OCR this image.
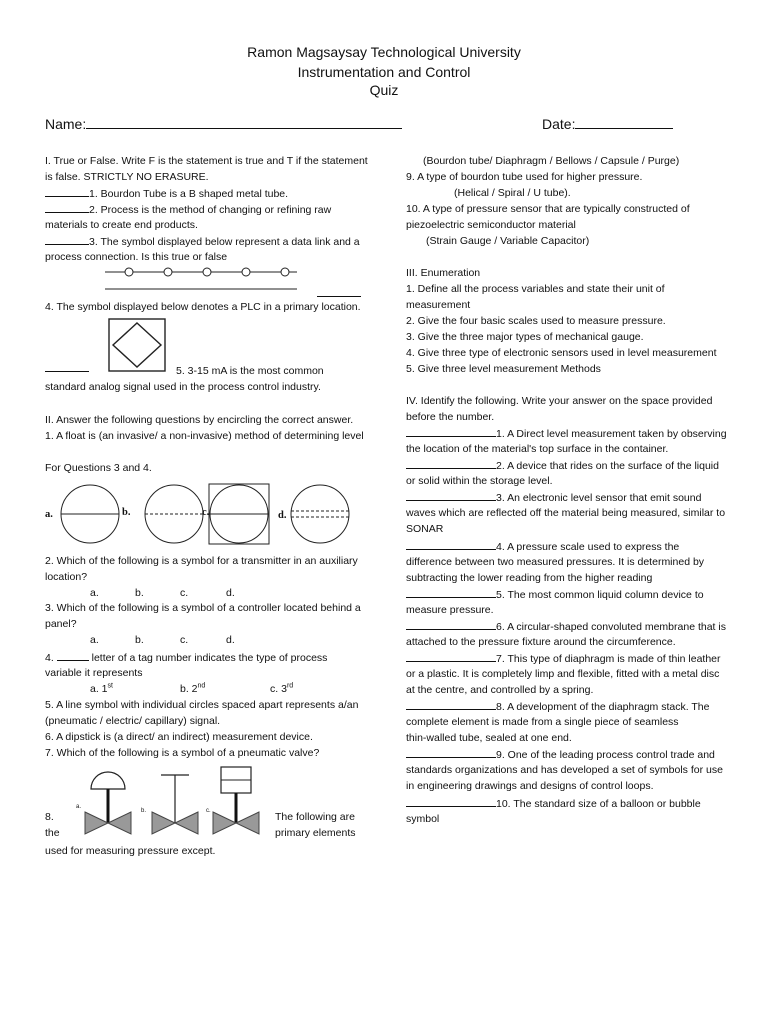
Ramon Magsaysay Technological University
Instrumentation and Control
Quiz
Name:	Date:
I. True or False. Write F is the statement is true and T if the statement
is false. STRICTLY NO ERASURE.
1. Bourdon Tube is a B shaped metal tube.
2. Process is the method of changing or refining raw
materials to create end products.
3. The symbol displayed below represent a data link and a
process connection. Is this true or false
4. The symbol displayed below denotes a PLC in a primary location.
5. 3-15 mA is the most common
standard analog signal used in the process control industry.
II. Answer the following questions by encircling the correct answer.
1. A float is (an invasive/ a non-invasive) method of determining level
For Questions 3 and 4.
a.	b.	c.	d.
2. Which of the following is a symbol for a transmitter in an auxiliary
location?
a.	b.	c.	d.
3. Which of the following is a symbol of a controller located behind a
panel?
a.	b.	c.	d.
4.	letter of a tag number indicates the type of process
variable it represents
a. 1st	b. 2nd	c. 3rd
5. A line symbol with individual circles spaced apart represents a/an
(pneumatic / electric/ capillary) signal.
6. A dipstick is (a direct/ an indirect) measurement device.
7. Which of the following is a symbol of a pneumatic valve?
a.
b.	c.
8.
the
The following are
primary elements
used for measuring pressure except.
(Bourdon tube/ Diaphragm / Bellows / Capsule / Purge)
9. A type of bourdon tube used for higher pressure.
(Helical / Spiral / U tube).
10. A type of pressure sensor that are typically constructed of
piezoelectric semiconductor material
(Strain Gauge / Variable Capacitor)
III. Enumeration
1. Define all the process variables and state their unit of
measurement
2. Give the four basic scales used to measure pressure.
3. Give the three major types of mechanical gauge.
4. Give three type of electronic sensors used in level measurement
5. Give three level measurement Methods
IV. Identify the following. Write your answer on the space provided
before the number.
1. A Direct level measurement taken by observing
the location of the material's top surface in the container.
2. A device that rides on the surface of the liquid
or solid within the storage level.
3. An electronic level sensor that emit sound
waves which are reflected off the material being measured, similar to
SONAR
4. A pressure scale used to express the
difference between two measured pressures. It is determined by
subtracting the lower reading from the higher reading
5. The most common liquid column device to
measure pressure.
6. A circular-shaped convoluted membrane that is
attached to the pressure fixture around the circumference.
7. This type of diaphragm is made of thin leather
or a plastic. It is completely limp and flexible, fitted with a metal disc
at the centre, and controlled by a spring.
8. A development of the diaphragm stack. The
complete element is made from a single piece of seamless
thin-walled tube, sealed at one end.
9. One of the leading process control trade and
standards organizations and has developed a set of symbols for use
in engineering drawings and designs of control loops.
10. The standard size of a balloon or bubble
symbol
